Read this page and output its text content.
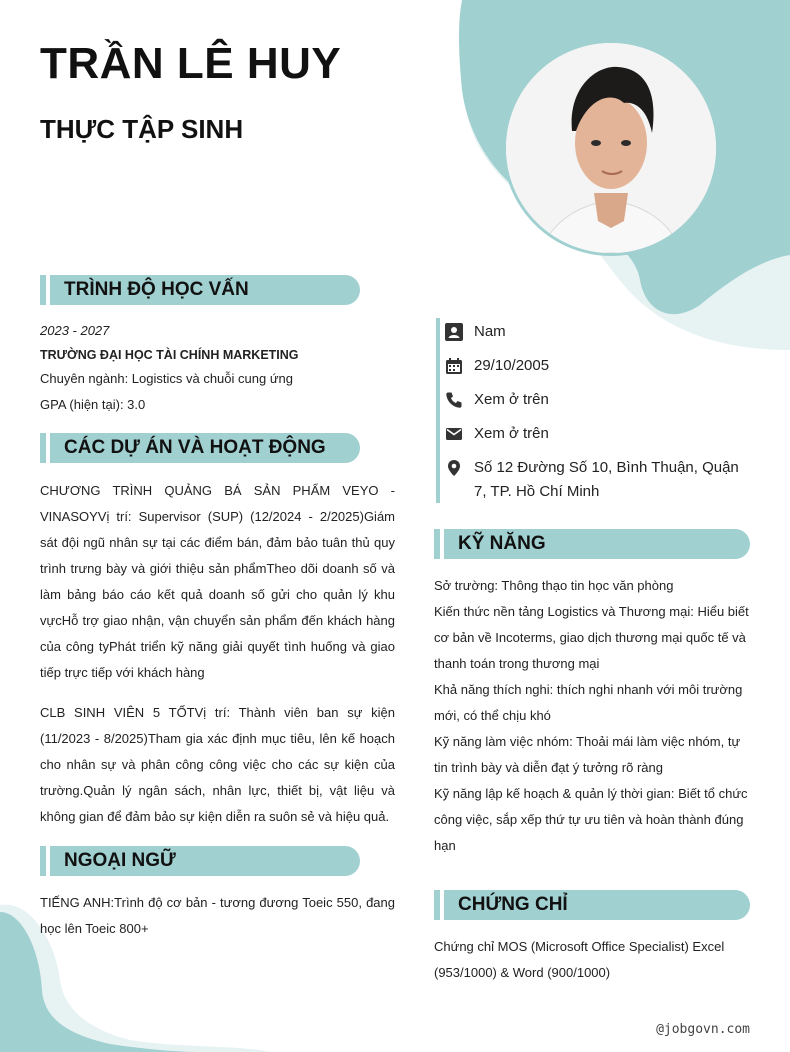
TRẦN LÊ HUY
THỰC TẬP SINH
TRÌNH ĐỘ HỌC VẤN
2023 - 2027
TRƯỜNG ĐẠI HỌC TÀI CHÍNH MARKETING
Chuyên ngành: Logistics và chuỗi cung ứng
GPA (hiện tại): 3.0
CÁC DỰ ÁN VÀ HOẠT ĐỘNG
CHƯƠNG TRÌNH QUẢNG BÁ SẢN PHẨM VEYO - VINASOYVị trí: Supervisor (SUP) (12/2024 - 2/2025)Giám sát đội ngũ nhân sự tại các điểm bán, đảm bảo tuân thủ quy trình trưng bày và giới thiệu sản phẩmTheo dõi doanh số và làm bảng báo cáo kết quả doanh số gửi cho quản lý khu vựcHỗ trợ giao nhận, vận chuyển sản phẩm đến khách hàng của công tyPhát triển kỹ năng giải quyết tình huống và giao tiếp trực tiếp với khách hàng
CLB SINH VIÊN 5 TỐTVị trí: Thành viên ban sự kiện (11/2023 - 8/2025)Tham gia xác định mục tiêu, lên kế hoạch cho nhân sự và phân công công việc cho các sự kiện của trường.Quản lý ngân sách, nhân lực, thiết bị, vật liệu và không gian để đảm bảo sự kiện diễn ra suôn sẻ và hiệu quả.
NGOẠI NGỮ
TIẾNG ANH:Trình độ cơ bản - tương đương Toeic 550, đang học lên Toeic 800+
Nam
29/10/2005
Xem ở trên
Xem ở trên
Số 12 Đường Số 10, Bình Thuận, Quận 7, TP. Hồ Chí Minh
KỸ NĂNG
Sở trường: Thông thạo tin học văn phòng
Kiến thức nền tảng Logistics và Thương mại: Hiểu biết cơ bản về Incoterms, giao dịch thương mại quốc tế và thanh toán trong thương mại
Khả năng thích nghi: thích nghi nhanh với môi trường mới, có thể chịu khó
Kỹ năng làm việc nhóm: Thoải mái làm việc nhóm, tự tin trình bày và diễn đạt ý tưởng rõ ràng
Kỹ năng lập kế hoạch & quản lý thời gian: Biết tổ chức công việc, sắp xếp thứ tự ưu tiên và hoàn thành đúng hạn
CHỨNG CHỈ
Chứng chỉ MOS (Microsoft Office Specialist) Excel (953/1000) & Word (900/1000)
@jobgovn.com
